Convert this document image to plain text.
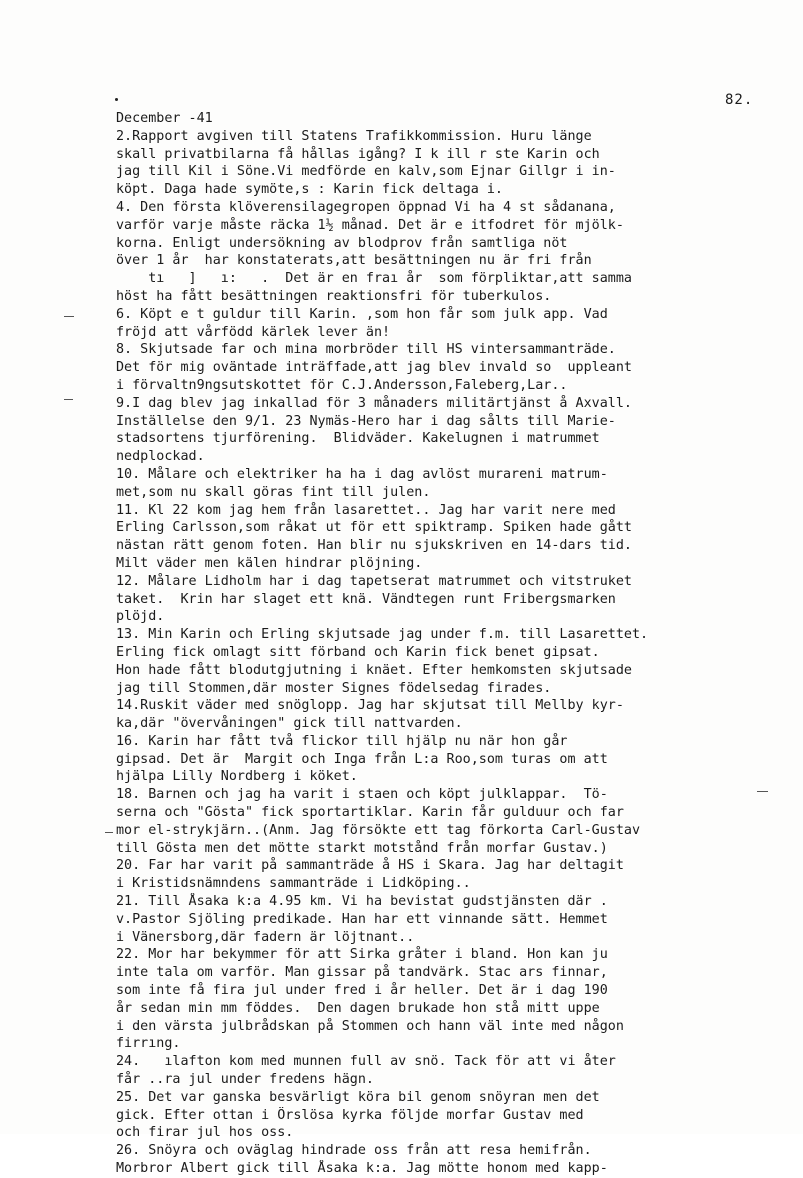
82.
December -41
2.Rapport avgiven till Statens Trafikkommission. Huru länge
skall privatbilarna få hållas igång? I k ill r ste Karin och
jag till Kil i Söne.Vi medförde en kalv,som Ejnar Gillgr i in-
köpt. Daga hade symöte,s : Karin fick deltaga i.
4. Den första klöverensilagegropen öppnad Vi ha 4 st sådanana,
varför varje måste räcka 1½ månad. Det är e itfodret för mjölk-
korna. Enligt undersökning av blodprov från samtliga nöt
över 1 år  har konstaterats,att besättningen nu är fri från
tı   ]   ı:   .  Det är en fraı år  som förpliktar,att samma
höst ha fått besättningen reaktionsfri för tuberkulos.
6. Köpt e t guldur till Karin. ,som hon får som julk app. Vad
fröjd att vårfödd kärlek lever än!
8. Skjutsade far och mina morbröder till HS vintersammanträde.
Det för mig oväntade inträffade,att jag blev invald so  uppleant
i förvaltn9ngsutskottet för C.J.Andersson,Faleberg,Lar..
9.I dag blev jag inkallad för 3 månaders militärtjänst å Axvall.
Inställelse den 9/1. 23 Nymäs-Hero har i dag sålts till Marie-
stadsortens tjurförening.  Blidväder. Kakelugnen i matrummet
nedplockad.
10. Målare och elektriker ha ha i dag avlöst murareni matrum-
met,som nu skall göras fint till julen.
11. Kl 22 kom jag hem från lasarettet.. Jag har varit nere med
Erling Carlsson,som råkat ut för ett spiktramp. Spiken hade gått
nästan rätt genom foten. Han blir nu sjukskriven en 14-dars tid.
Milt väder men kälen hindrar plöjning.
12. Målare Lidholm har i dag tapetserat matrummet och vitstruket
taket.  Krin har slaget ett knä. Vändtegen runt Fribergsmarken
plöjd.
13. Min Karin och Erling skjutsade jag under f.m. till Lasarettet.
Erling fick omlagt sitt förband och Karin fick benet gipsat.
Hon hade fått blodutgjutning i knäet. Efter hemkomsten skjutsade
jag till Stommen,där moster Signes födelsedag firades.
14.Ruskit väder med snöglopp. Jag har skjutsat till Mellby kyr-
ka,där "övervåningen" gick till nattvarden.
16. Karin har fått två flickor till hjälp nu när hon går
gipsad. Det är  Margit och Inga från L:a Roo,som turas om att
hjälpa Lilly Nordberg i köket.
18. Barnen och jag ha varit i staen och köpt julklappar.  Tö-
serna och "Gösta" fick sportartiklar. Karin får gulduur och far
mor el-strykjärn..(Anm. Jag försökte ett tag förkorta Carl-Gustav
till Gösta men det mötte starkt motstånd från morfar Gustav.)
20. Far har varit på sammanträde å HS i Skara. Jag har deltagit
i Kristidsnämndens sammanträde i Lidköping..
21. Till Åsaka k:a 4.95 km. Vi ha bevistat gudstjänsten där .
v.Pastor Sjöling predikade. Han har ett vinnande sätt. Hemmet
i Vänersborg,där fadern är löjtnant..
22. Mor har bekymmer för att Sirka gråter i bland. Hon kan ju
inte tala om varför. Man gissar på tandvärk. Stac ars finnar,
som inte få fira jul under fred i år heller. Det är i dag 190
år sedan min mm föddes.  Den dagen brukade hon stå mitt uppe
i den värsta julbrådskan på Stommen och hann väl inte med någon
firrıng.
24.   ılafton kom med munnen full av snö. Tack för att vi åter
får ..ra jul under fredens hägn.
25. Det var ganska besvärligt köra bil genom snöyran men det
gick. Efter ottan i Örslösa kyrka följde morfar Gustav med
och firar jul hos oss.
26. Snöyra och oväglag hindrade oss från att resa hemifrån.
Morbror Albert gick till Åsaka k:a. Jag mötte honom med kapp-
